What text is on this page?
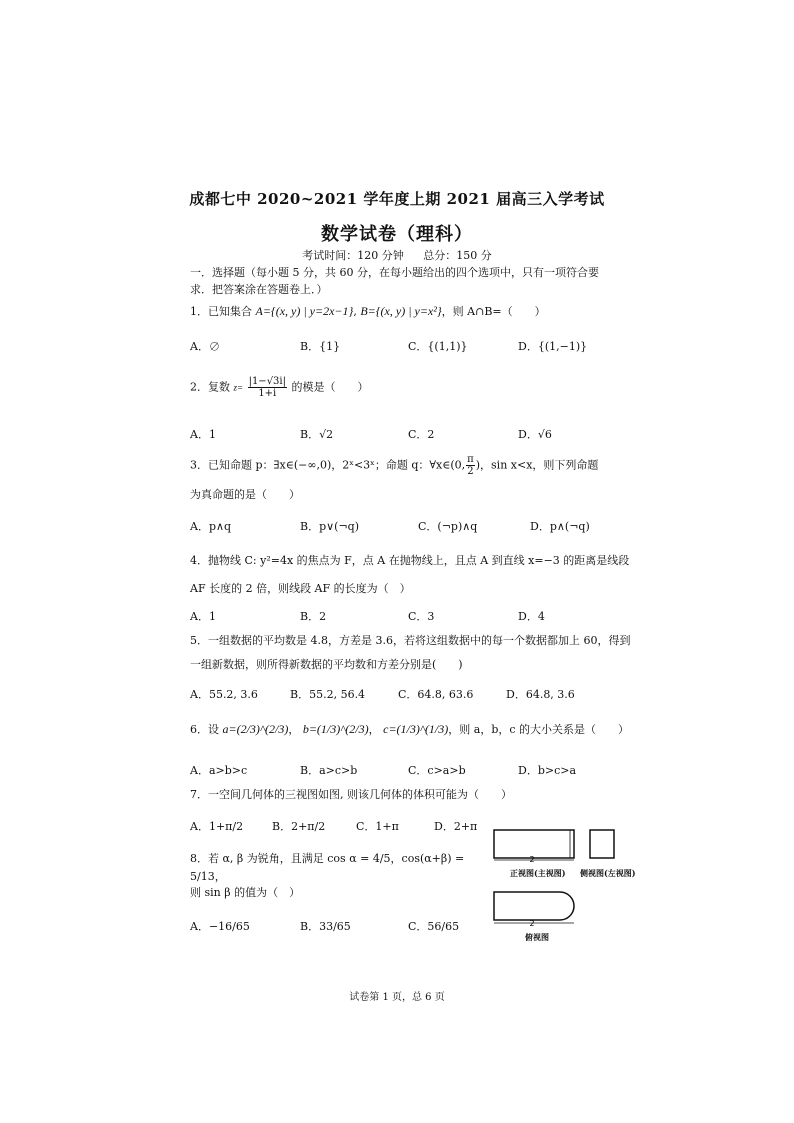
成都七中 2020~2021 学年度上期 2021 届高三入学考试
数学试卷（理科）
考试时间：120 分钟 总分：150 分
一．选择题（每小题 5 分，共 60 分，在每小题给出的四个选项中，只有一项符合要求．把答案涂在答题卷上．）
1．已知集合 A={(x, y) | y=2x−1}, B={(x, y) | y=x²}，则 A∩B=（　　）
A．∅	B．{1}	C．{(1,1)}	D．{(1,−1)}
2．复数 $z= \frac{|1-√3i|}{1+i}$ 的模是（　　）
A．1	B．√2	C．2	D．√6
3．已知命题 p：∃x∈(−∞,0)，2ˣ<3ˣ；命题 q：∀x∈(0, $\frac{\pi}{2}$ )，sin x<x，则下列命题
为真命题的是（　　）
A．p∧q	B．p∨(¬q)	C．(¬p)∧q	D．p∧(¬q)
4．抛物线 C: y²=4x 的焦点为 F，点 A 在抛物线上，且点 A 到直线 x=−3 的距离是线段
AF 长度的 2 倍，则线段 AF 的长度为（　）
A．1	B．2	C．3	D．4
5．一组数据的平均数是 4.8，方差是 3.6，若将这组数据中的每一个数据都加上 60，得到
一组新数据，则所得新数据的平均数和方差分别是(　　)
A．55.2, 3.6	B．55.2, 56.4	C．64.8, 63.6	D．64.8, 3.6
6．设 a=(2/3)^(2/3)， b=(1/3)^(2/3)， c=(1/3)^(1/3)，则 a，b，c 的大小关系是（　　）
A．a>b>c	B．a>c>b	C．c>a>b	D．b>c>a
7．一空间几何体的三视图如图, 则该几何体的体积可能为（　　）
A．1+π/2	B．2+π/2	C．1+π	D．2+π
8．若 α, β 为锐角，且满足 cos α = 4/5，cos(α+β) = 5/13，
则 sin β 的值为（　）
A．−16/65	B．33/65	C．56/65
2
2
正视图(主视图) 侧视图(左视图)
俯视图
试卷第 1 页，总 6 页
